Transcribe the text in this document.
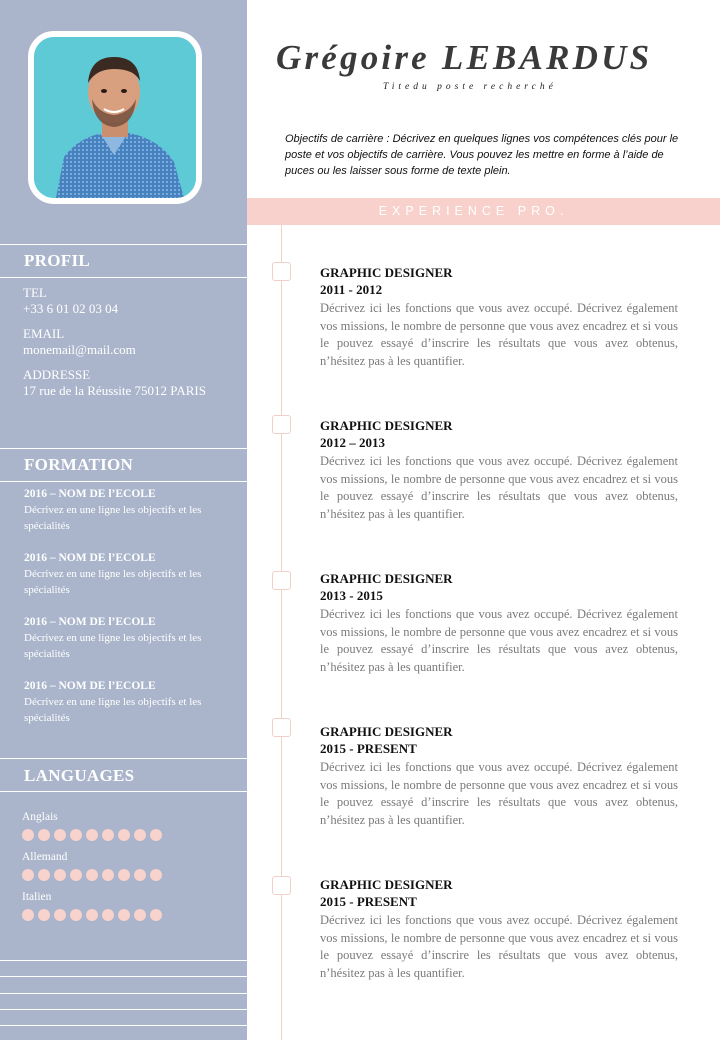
PROFIL
TEL
+33 6 01 02 03 04
EMAIL
monemail@mail.com
ADDRESSE
17 rue de la Réussite 75012 PARIS
FORMATION
2016 – NOM DE l’ECOLE
Décrivez en une ligne les objectifs et les spécialités
2016 – NOM DE l’ECOLE
Décrivez en une ligne les objectifs et les spécialités
2016 – NOM DE l’ECOLE
Décrivez en une ligne les objectifs et les spécialités
2016 – NOM DE l’ECOLE
Décrivez en une ligne les objectifs et les spécialités
LANGUAGES
Anglais
Allemand
Italien
Grégoire LEBARDUS
Titedu poste recherché
Objectifs de carrière : Décrivez en quelques lignes vos compétences clés pour le poste et vos objectifs de carrière. Vous pouvez les mettre en forme à l’aide de puces ou les laisser sous forme de texte plein.
EXPERIENCE PRO.
GRAPHIC DESIGNER
2011 - 2012
Décrivez ici les fonctions que vous avez occupé. Décrivez également vos missions, le nombre de personne que vous avez encadrez et si vous le pouvez essayé d’inscrire les résultats que vous avez obtenus, n’hésitez pas à les quantifier.
GRAPHIC DESIGNER
2012 – 2013
Décrivez ici les fonctions que vous avez occupé. Décrivez également vos missions, le nombre de personne que vous avez encadrez et si vous le pouvez essayé d’inscrire les résultats que vous avez obtenus, n’hésitez pas à les quantifier.
GRAPHIC DESIGNER
2013 - 2015
Décrivez ici les fonctions que vous avez occupé. Décrivez également vos missions, le nombre de personne que vous avez encadrez et si vous le pouvez essayé d’inscrire les résultats que vous avez obtenus, n’hésitez pas à les quantifier.
GRAPHIC DESIGNER
2015 - PRESENT
Décrivez ici les fonctions que vous avez occupé. Décrivez également vos missions, le nombre de personne que vous avez encadrez et si vous le pouvez essayé d’inscrire les résultats que vous avez obtenus, n’hésitez pas à les quantifier.
GRAPHIC DESIGNER
2015 - PRESENT
Décrivez ici les fonctions que vous avez occupé. Décrivez également vos missions, le nombre de personne que vous avez encadrez et si vous le pouvez essayé d’inscrire les résultats que vous avez obtenus, n’hésitez pas à les quantifier.
